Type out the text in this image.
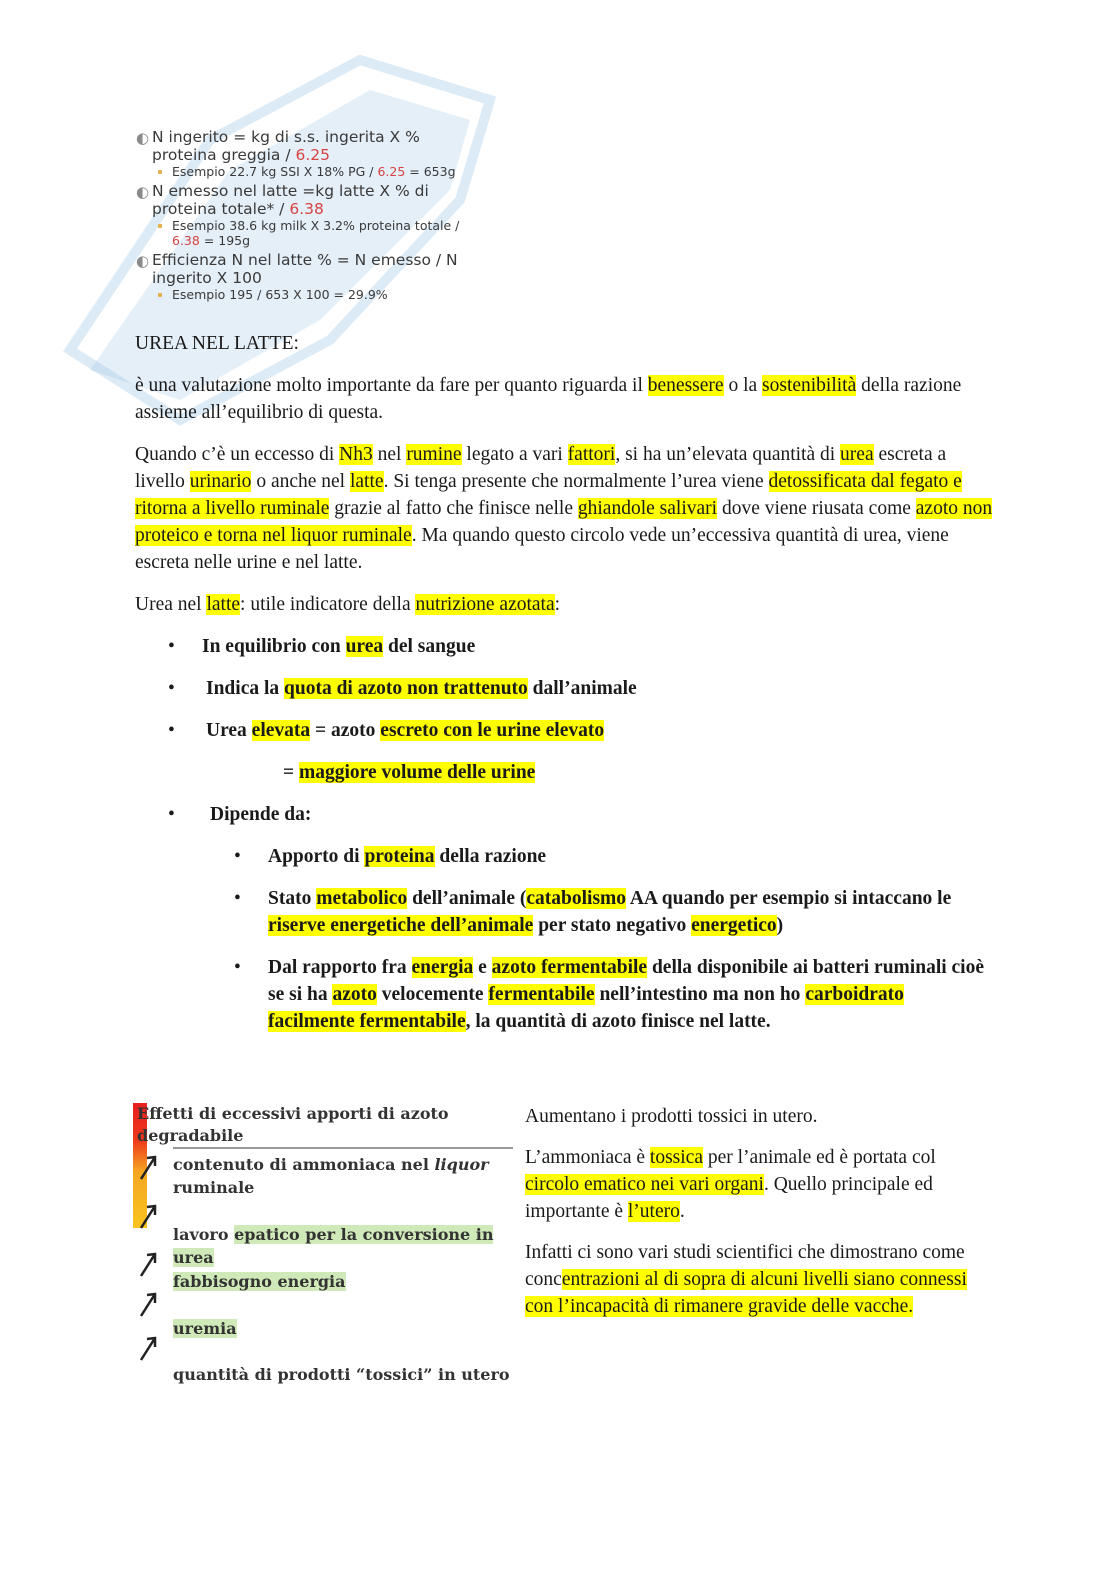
◐ N ingerito = kg di s.s. ingerita X %
proteina greggia / 6.25
Esempio 22.7 kg SSI X 18% PG / 6.25 = 653g
◐ N emesso nel latte =kg latte X % di
proteina totale* / 6.38
Esempio 38.6 kg milk X 3.2% proteina totale /
6.38 = 195g
◐ Efficienza N nel latte % = N emesso / N
ingerito X 100
Esempio 195 / 653 X 100 = 29.9%

UREA NEL LATTE:

è una valutazione molto importante da fare per quanto riguarda il benessere o la sostenibilità della razione assieme all’equilibrio di questa.

Quando c’è un eccesso di Nh3 nel rumine legato a vari fattori, si ha un’elevata quantità di urea escreta a livello urinario o anche nel latte. Si tenga presente che normalmente l’urea viene detossificata dal fegato e ritorna a livello ruminale grazie al fatto che finisce nelle ghiandole salivari dove viene riusata come azoto non proteico e torna nel liquor ruminale. Ma quando questo circolo vede un’eccessiva quantità di urea, viene escreta nelle urine e nel latte.

Urea nel latte: utile indicatore della nutrizione azotata:

• In equilibrio con urea del sangue
• Indica la quota di azoto non trattenuto dall’animale
• Urea elevata = azoto escreto con le urine elevato
= maggiore volume delle urine
• Dipende da:
• Apporto di proteina della razione
• Stato metabolico dell’animale (catabolismo AA quando per esempio si intaccano le riserve energetiche dell’animale per stato negativo energetico)
• Dal rapporto fra energia e azoto fermentabile della disponibile ai batteri ruminali cioè se si ha azoto velocemente fermentabile nell’intestino ma non ho carboidrato facilmente fermentabile, la quantità di azoto finisce nel latte.
Effetti di eccessivi apporti di azoto
degradabile
contenuto di ammoniaca nel liquor
ruminale
lavoro epatico per la conversione in urea
fabbisogno energia
uremia
quantità di prodotti “tossici” in utero

Aumentano i prodotti tossici in utero.

L’ammoniaca è tossica per l’animale ed è portata col circolo ematico nei vari organi. Quello principale ed importante è l’utero.

Infatti ci sono vari studi scientifici che dimostrano come concentrazioni al di sopra di alcuni livelli siano connessi con l’incapacità di rimanere gravide delle vacche.
